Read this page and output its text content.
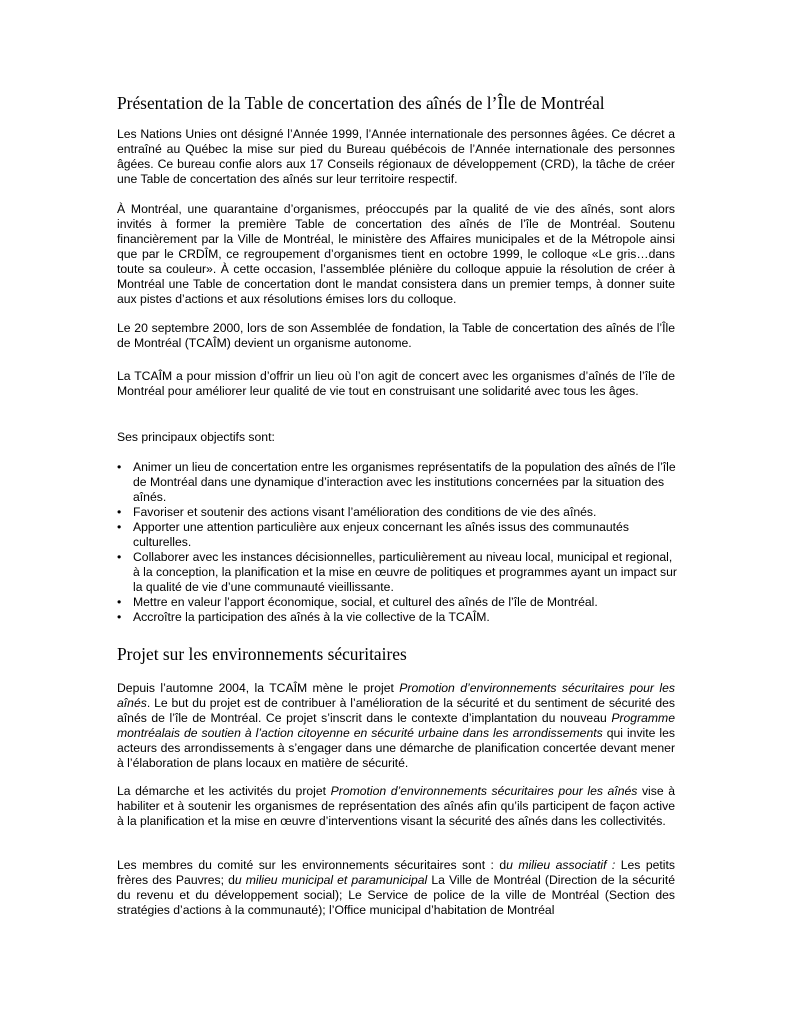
Présentation de la Table de concertation des aînés de l’Île de Montréal

Les Nations Unies ont désigné l’Année 1999, l’Année internationale des personnes âgées. Ce décret a entraîné au Québec la mise sur pied du Bureau québécois de l’Année internationale des personnes âgées. Ce bureau confie alors aux 17 Conseils régionaux de développement (CRD), la tâche de créer une Table de concertation des aînés sur leur territoire respectif.

À Montréal, une quarantaine d’organismes, préoccupés par la qualité de vie des aînés, sont alors invités à former la première Table de concertation des aînés de l’île de Montréal. Soutenu financièrement par la Ville de Montréal, le ministère des Affaires municipales et de la Métropole ainsi que par le CRDÎM, ce regroupement d’organismes tient en octobre 1999, le colloque «Le gris…dans toute sa couleur». À cette occasion, l’assemblée plénière du colloque appuie la résolution de créer à Montréal une Table de concertation dont le mandat consistera dans un premier temps, à donner suite aux pistes d’actions et aux résolutions émises lors du colloque.

Le 20 septembre 2000, lors de son Assemblée de fondation, la Table de concertation des aînés de l’Île de Montréal (TCAÎM) devient un organisme autonome.

La TCAÎM a pour mission d’offrir un lieu où l’on agit de concert avec les organismes d’aînés de l’île de Montréal pour améliorer leur qualité de vie tout en construisant une solidarité avec tous les âges.

Ses principaux objectifs sont:

• Animer un lieu de concertation entre les organismes représentatifs de la population des aînés de l’île de Montréal dans une dynamique d’interaction avec les institutions concernées par la situation des aînés.
• Favoriser et soutenir des actions visant l’amélioration des conditions de vie des aînés.
• Apporter une attention particulière aux enjeux concernant les aînés issus des communautés culturelles.
• Collaborer avec les instances décisionnelles, particulièrement au niveau local, municipal et regional, à la conception, la planification et la mise en œuvre de politiques et programmes ayant un impact sur la qualité de vie d’une communauté vieillissante.
• Mettre en valeur l’apport économique, social, et culturel des aînés de l’île de Montréal.
• Accroître la participation des aînés à la vie collective de la TCAÎM.
Projet sur les environnements sécuritaires

Depuis l’automne 2004, la TCAÎM mène le projet Promotion d’environnements sécuritaires pour les aînés. Le but du projet est de contribuer à l’amélioration de la sécurité et du sentiment de sécurité des aînés de l’île de Montréal. Ce projet s’inscrit dans le contexte d’implantation du nouveau Programme montréalais de soutien à l’action citoyenne en sécurité urbaine dans les arrondissements qui invite les acteurs des arrondissements à s’engager dans une démarche de planification concertée devant mener à l’élaboration de plans locaux en matière de sécurité.

La démarche et les activités du projet Promotion d’environnements sécuritaires pour les aînés vise à habiliter et à soutenir les organismes de représentation des aînés afin qu’ils participent de façon active à la planification et la mise en œuvre d’interventions visant la sécurité des aînés dans les collectivités.

Les membres du comité sur les environnements sécuritaires sont : du milieu associatif : Les petits frères des Pauvres; du milieu municipal et paramunicipal La Ville de Montréal (Direction de la sécurité du revenu et du développement social); Le Service de police de la ville de Montréal (Section des stratégies d’actions à la communauté); l’Office municipal d’habitation de Montréal
